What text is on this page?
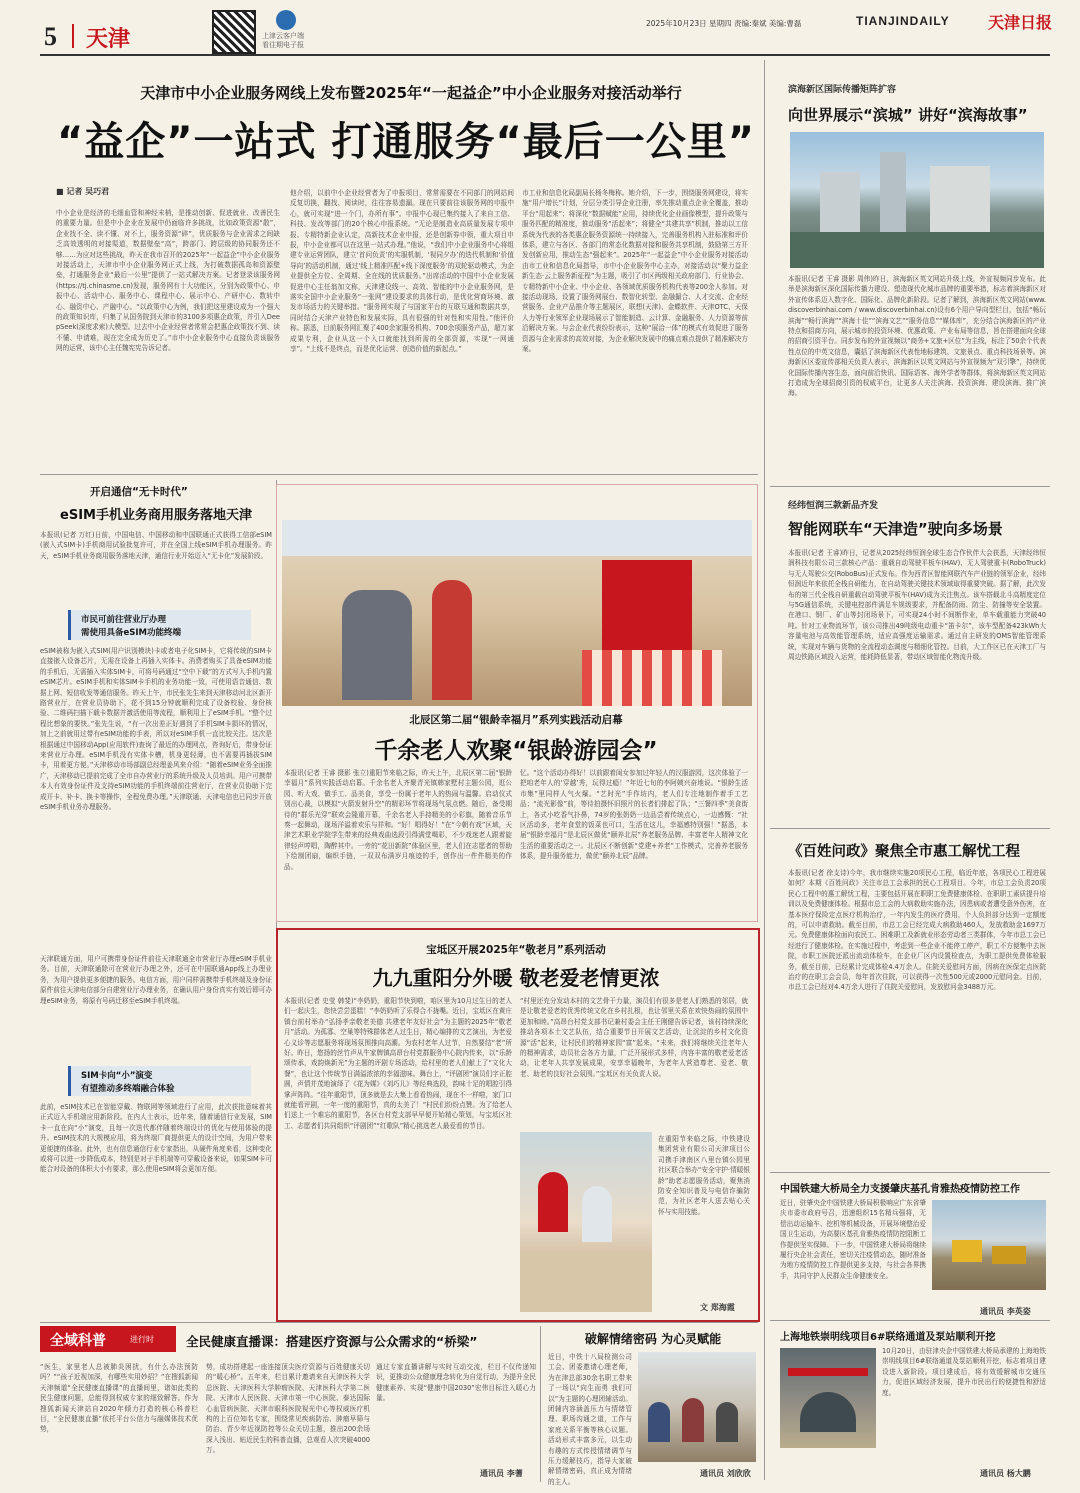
5 天津	上津云客户端
看往期电子报
2025年10月23日 星期四 责编:秦斌 美编:曹磊	TIANJINDAILY 天津日报
天津市中小企业服务网线上发布暨2025年“一起益企”中小企业服务对接活动举行
“益企”一站式 打通服务“最后一公里”
■ 记者 吴巧君
中小企业是经济的毛细血管和神经末梢，是推动创新、促进就业、改善民生的重要力量。但是中小企业在发展中仍面临许多挑战，比如政策资源“散”，企业找不全、读不懂、对不上，服务资源“碎”，优质服务与企业需求之间缺乏高效透明的对接渠道，数据壁垒“高”，跨部门、跨层级的协同服务还不够……为应对这些挑战，昨天在我市召开的2025年“一起益企”中小企业服务对接活动上，天津市中小企业服务网正式上线，为打破数据孤岛和资源壁垒，打通服务企业“最后一公里”提供了一站式解决方案。记者登录该服务网(https://tj.chinasme.cn)发现，服务网有十大功能区，分别为政策中心、申报中心、活动中心、服务中心、课程中心、展示中心、产研中心、数转中心、融资中心、产融中心。“以政策中心为例，我们把这里建设成为一个强大的政策知识库，归集了从国务院到天津市的3100多项惠企政策，并引入DeepSeek(深度求索)大模型。过去中小企业经营者常常会把惠企政策找不到、读不懂、申请难，现在完全成为历史了。”市中小企业服务中心直接负责该服务网的运营，该中心主任魏宪宪告诉记者。
他介绍，以前中小企业经营者为了申报项目，常常需要在不同部门的网站间反复切换，翻找、阅读时，往往容易遗漏。现在只要前往该服务网的申报中心，就可实现“进一个门，办所有事”。申报中心现已集约接入了来自工信、科技、发改等部门的20个核心申报系统。“无论是制造业高质量发展专项申报、专精特新企业认定，高新技术企业申报，还是创新券申领，重大项目申报，中小企业都可以在这里一站式办理。”他说，“我们中小企业服务中心将组建专业运营团队，建立‘首问负责’的实服机制，‘视同夕办’的迭代机制和‘价值导向’的活动机制，通过‘线上精准匹配+线下深度服务’的双轮驱动模式，为企业提供全方位、全周期、全在线的优质服务。”出席活动的中国中小企业发展促进中心主任翁加文称，天津建设线一、高效、智能的中小企业服务网，是落实全国中小企业服务“一张网”建设要求的具体行动，是优化营商环境、激发市场活力的关键举措。“服务网实现了与国家平台的互联互通和数据共享，同时结合天津产业特色和发展实际，具有很强的针对性和实用性。”他评价称。据悉，目前服务网汇聚了400余家服务机构、700余项服务产品，超万家成果专利，企业从这一个入口就能找到所需的全部资源，实现“一网通享”。“上线不是终点，而是优化运营、创造价值的新起点。”
市工业和信息化局副局长杨冬梅称。她介绍，下一步，围绕服务网建设，将实施“用户增长”计划，分层分类引导企业注册，率先推动重点企业全覆盖，推动平台“用起来”；将深化“数据赋能”应用，持续优化企业画像模型，提升政策与服务匹配的精准度，推动服务“活起来”；将健全“共建共享”机制，推动以工信系统为代表的各类惠企服务资源统一持续接入，完善服务机构入驻标准和评价体系，建立与各区、各部门的常态化数据对接和服务共享机制，鼓励第三方开发创新应用，推动生态“强起来”。2025年“一起益企”中小企业服务对接活动由市工业和信息化局指导，市中小企业服务中心主办，对接活动以“聚力益企新生态·云上服务新征程”为主题，吸引了市区两级相关政府部门、行业协会、专精特新中小企业、中小企业、各领域优质服务机构代表等200余人参加。对接活动现场，设置了服务网展台、数智化转型、金融撮合、人才交流、企业经营服务、企业产品推介等主题展区，联想(天津)、金蝶软件、天津OTC、天保人力等行业领军企业现场展示了智能制造、云计算、金融服务、人力资源等前沿解决方案。与会企业代表纷纷表示，这种“展洽一体”的模式有效促进了服务资源与企业需求的高效对接，为企业解决发展中的痛点难点提供了精准解决方案。
滨海新区国际传播矩阵扩容
向世界展示“滨城” 讲好“滨海故事”
本报讯(记者 王睿 摄影 周伟)昨日，滨海新区英文网站升级上线，外宣视频同步发布。此举是滨海新区深化国际传播力建设、塑造现代化城市品牌的重要举措，标志着滨海新区对外宣传体系迈入数字化、国际化、品牌化新阶段。记者了解到，滨海新区英文网站(www.discoverbinhai.com / www.discoverbinhai.cn)设有6个用户导向型栏目，包括“畅玩滨海”“畅行滨海”“滨海十佳”“滨海文艺”“服务信息”“媒体库”，充分结合滨海新区的产业特点和招商方向，展示城市的投资环境、优惠政策、产业布局等信息，旨在搭建面向全球的招商引资平台。同步发布的外宣视频以“商务+文旅+区位”为主线，标注了50余个代表性点位的中英文信息，囊括了滨海新区代表性地标建筑、文旅景点、重点科技场景等。滨海新区区委宣传部相关负责人表示，滨海新区以英文网站与外宣视频为“双引擎”，持续优化国际传播内容生态，面向前沿快讯、国际语客、海外学者等群体，将滨海新区英文网站打造成为全球招商引资的权威平台，让更多人关注滨海、投资滨海、建设滨海、推广滨海。
经纬恒润三款新品齐发
智能网联车“天津造”驶向多场景
本报讯(记者 王睿)昨日，记者从2025经纬恒润全球生态合作伙伴大会获悉，天津经纬恒润科技有限公司三款核心产品：重载自动驾驶平板车(HAV)、无人驾驶重卡(RoboTruck)与无人驾驶公交(RoboBus)正式发布。作为西青区智能网联汽车产业链的领军企业，经纬恒润近年来依托全栈自研能力，在自动驾驶关键技术领域取得重要突破。据了解，此次发布的第三代全栈自研重载自动驾驶平板车(HAV)成为关注焦点。该车搭载北斗高精度定位与5G通信系统，关键电控部件满足车规级要求，并配备防雨、防尘、防撞等安全装置。在港口、钢厂、矿山等封闭场景下，可实现24小时不间断作业，单车载重能力突破40吨。针对工业物流环节，该公司推出49吨级电动重卡“笛卡尔”，该车型配备423kWh大容量电池与高效能管理系统，适应高强度运输需求。通过自主研发的OMS智能管理系统，实现对车辆与货物的全流程动态调度与精细化管控。目前，大工作区已在天津工厂与周边铁路区域投入运营，能耗降低显著，带动区域智能化物流升级。
《百姓问政》聚焦全市惠工解忧工程
本报讯(记者 徐支诗)今年，我市继续实施20项民心工程，临近年底，各项民心工程进展如何？本期《百姓问政》关注市总工会承担的民心工程项目。今年，市总工会负责20项民心工程中的惠工解忧工程，主要包括开展在职职工免费健康体检、在职职工素质提升培训以及免费健康体检。根据市总工会的大病救助实施办法，因患病或者遭受意外伤害，在基本医疗保险定点医疗机构治疗，一年内发生的医疗费用，个人负担部分达到一定额度的，可以申请救助。截至目前，市总工会已经完成大病救助460人，发放救助金1697万元。免费健康体检面向农民工、困难职工及新就业形态劳动者三类群体，今年市总工会已经进行了健康体检。在实施过程中，考虑到一些企业不能停工停产，职工不方便集中去医院，市职工医院还派出流动体检车，在企业厂区内设置检查点，为职工提供免费体检服务，截至目前，已经累计完成体检4.4万余人。住院关爱慰问方面，因病在医保定点医院治疗的在职工会会员，每年首次住院，可以获得一次性500元或2000元慰问金。目前，市总工会已经对4.4万余人进行了住院关爱慰问，发放慰问金3488万元。
中国铁建大桥局全力支援肇庆基孔肯雅热疫情防控工作
近日，驻肇央企中国铁建大桥局积极响应广东省肇庆市委市政府号召，迅速组织15名精兵强将，无偿出动运输车、挖机等机械设备，开展环境整治爱国卫生运动，为高要区基孔肯雅热疫情防控阻断工作提供坚实保障。下一步，中国铁建大桥局将继续履行央企社会责任，密切关注疫情动态，随时准备为地方疫情防控工作提供更多支持，与社会各界携手，共同守护人民群众生命健康安全。
通讯员 李英姿
上海地铁崇明线项目6#联络通道及泵站顺利开挖
10月20日，由驻津央企中国铁建大桥局承建的上海地铁崇明线项目6#联络通道及泵站顺利开挖，标志着项目建设进入新阶段。项目建成后，将有效缓解城市交通压力，促进区域经济发展，提升市民出行的便捷性和舒适度。
通讯员 杨大鹏
开启通信“无卡时代”
eSIM手机业务商用服务落地天津
本报讯(记者 万红)日前，中国电信、中国移动和中国联通正式获得工信部eSIM(嵌入式SIM卡)手机商用试验批复许可，并在全国上线eSIM手机办理服务。昨天，eSIM手机业务商用服务落地天津，通信行业开始迈入“无卡化”发展阶段。
市民可前往营业厅办理
需使用具备eSIM功能终端
eSIM被称为嵌入式SIM(用户识别模块)卡或者电子化SIM卡，它将传统的SIM卡直接嵌入设备芯片，无需在设备上再插入实体卡。消费者购买了具备eSIM功能的手机后，无需插入实体SIM卡，可将号码通过“空中下载”的方式写入手机内置eSIM芯片。eSIM手机和实体SIM卡手机的业务功能一致，可使用语音通信、数据上网、短信收发等通信服务。昨天上午，市民张先生来到天津移动河北区新开路营业厅，在营业员协助下，花不到15分钟就顺利完成了设备校验、身份核验、二维码扫描下载卡数据并激活使用等流程，顺利用上了eSIM手机。“整个过程比想象的要快。”张先生说，“有一次出差正好遇到了手机SIM卡损坏的情况，加上之前就用过带有eSIM功能的手表，所以对eSIM手机一直比较关注。这次是根据通过中国移动App(应用软件)查询了最近的办理网点，咨询好后，带身份证来营业厅办理。eSIM手机没有实体卡槽，机身更轻薄，也不需要再插拔SIM卡，用着更方便。”天津移动市场部副总经理姜风来介绍：“随着eSIM业务全面推广，天津移动已提前完成了全市自办营业厅的系统升级及人员培训。用户可携带本人有效身份证件及支持eSIM功能的手机终端前往营业厅，在营业员协助下完成开卡、补卡、换卡等操作，全程免费办理。”天津联通、天津电信也已同步开放eSIM手机业务办理服务。
天津联通方面，用户可携带身份证件前往天津联通全市营业厅办理eSIM手机业务。目前，天津联通除可在营业厅办理之外，还可在中国联通App线上办理业务，为用户提供更多便捷的服务。电信方面，用户同样需携带手机终端及身份证原件前往天津电信部分自建营业厅办理业务，在确认用户身份真实有效后即可办理eSIM业务，将原有号码迁移至eSIM手机终端。
SIM卡向“小”演变
有望推动多终端融合体验
此前，eSIM技术已在智能穿戴、物联网等领域进行了应用，此次获批意味着其正式迈入手机端应用新阶段。在内人士表示，近年来，随着通信行业发展，SIM卡一直在向“小”演变，且每一次迭代都伴随着终端设计的优化与使用体验的提升。eSIM技术的大规模应用，将为终端厂商提供更大的设计空间，为用户带来更便捷的体验。此外，也有信息通信行业专家指出，从硬件角度来看，这种变化或将可以进一步降低成本，特别是对于手机端等可穿戴设备来说，如果SIM卡可能合对设备的体积大小有要求，那么使用eSIM将会更加方便。
北辰区第二届“银龄幸福月”系列实践活动启幕
千余老人欢聚“银龄游园会”
本报讯(记者 王睿 摄影 张立)重阳节来临之际，昨天上午，北辰区第二届“银龄幸福月”系列实践活动启幕。千余名老人齐聚青光镇韩家墅村主题公园，逛公园、听大戏、做手工、品美食，享受一份属于老年人的热闹与温馨。启动仪式别出心裁，以模拟“火箭发射升空”的精彩环节将现场气氛点燃。随后，备受期待的“群乐光穿”联欢会隆重开幕，千余名老人手持精美的小彩旗，随着音乐节奏一起舞动，现场洋溢着欢乐与祥和。“好！唱得好！”在“今朝有戏”区域，天津艺术职业学院学生带来的经典戏曲选段引得满堂喝彩，不少戏迷老人跟着旋律轻声哼唱，陶醉其中。一旁的“花田新院”体验区里，老人们在志愿者的帮助下绘制团扇，编织手链，一双双布满岁月痕迹的手，创作出一件件精美的作品。
忆。“这个活动办得好！以前跟着闺女参加过年轻人的汉服游园，这次体验了一把咱老年人的‘穿越’秀，玩得过瘾！”年近七旬的李阿姨兴奋地说。“银龄生活市集”里同样人气火爆。“艺时光”手作坊内，老人们专注地制作着手工艺品；“流光影像”前，等待拍摄怀旧照片的长者们排起了队；“三餐四季”美食街上，各式小吃香气扑鼻，74岁的张奶奶一边品尝着传统点心，一边感慨：“社区活动多，老年食堂的饭菜也可口，生活在这儿，幸福感特别强！”据悉，本届“银龄幸福月”是北辰区做优“颐养北辰”养老服务品牌、丰富老年人精神文化生活的重要活动之一。北辰区不断创新“党建+养老”工作模式，完善养老服务体系，提升服务能力，做优“颐养北辰”品牌。
宝坻区开展2025年“敬老月”系列活动
九九重阳分外暖 敬老爱老情更浓
本报讯(记者 史莹 韩斐)“李奶奶，重阳节快到啦，咱区里为10月过生日的老人们一起庆生，您快尝尝蛋糕！”李奶奶听了乐得合不拢嘴。近日，宝坻区在黄庄镇台前村举办“弘扬孝亲敬老美德 共建老年友好社会”为主题的2025年“敬老月”活动。为孤寡、空巢等特殊群体老人过生日，精心编排的文艺演出，为老爱心义诊等志愿服务将现场氛围推向高潮。为农村老年人过节，自然要结“老”所好。昨日，悠扬的丝竹声从牛家牌镇高昂台村党群服务中心院内传来，以“乐龄颂传承，戏韵焕新光”为主题的评剧专场活动，给村里的老人们献上了“文化大餐”，也让这个传统节日满溢浓浓的幸福滋味。舞台上，“评剧团”演员们字正腔圆，声情并茂地演绎了《花为媒》《刘巧儿》等经典选段，韵味十足的唱腔引得掌声阵阵。“往年重阳节，顶多就是去大集上看看热闹，现在不一样啦，家门口就能看评剧，一年一度的重阳节，真的太美了！”村民们纷纷点赞。为了给老人们送上一个难忘的重阳节，各区台村党支部早早便开始精心策划，与宝坻区社工、志愿者们共同组织“评剧团”“红歌队”精心挑选老人最爱看的节目。
“村里还充分发动本村的文艺骨干力量，演员们有很多是老人们熟悉的邻居，就是让敬老爱老的优秀传统文化在乡村扎根，也让邻里关系在欢快热闹的氛围中更加和睦。”高昂台村党支部书记兼村委会主任王刚健告诉记者，该村持续深化推动各项本土文艺队伍，结合重要节日开展文艺活动，让沉淀的乡村文化资源“活”起来，让村民们的精神家园“富”起来。“未来，我们将继续关注老年人的精神需求，动员社会各方力量，广泛开展形式多样，内容丰富的敬老爱老活动，让老年人共享发展成果，安享幸福晚年，为老年人营造尊老、爱老、敬老、助老的良好社会氛围。”宝坻区有关负责人说。
在重阳节来临之际，中铁建设集团营业有限公司天津项目公司携手津南区八里台镇公园里社区联合举办“安全守护·情暖银龄”助老志愿服务活动，聚焦消防安全知识普及与电信诈骗防范，为社区老年人送去贴心关怀与实用技能。
文 郑海霞
全域科普	进行时	全民健康直播课：搭建医疗资源与公众需求的“桥梁”
“医生，家里老人总被肺炎困扰，有什么办法预防吗？”“孩子近视加深，有哪些实用妙招？”在搜狐新闻天津频道“全民健康直播课”的直播间里，诸如此类的民生健康问题，总能得到权威专家的细致解答。作为搜狐新闻天津站自2020年倾力打造的核心科普栏目，“全民健康直播”依托平台公信力与融媒体技术优势，
势，成功搭建起一座连接顶尖医疗资源与百姓健康关切的“暖心桥”。五年来，栏目累计邀请来自天津医科大学总医院、天津医科大学肿瘤医院、天津医科大学第二医院、天津市人民医院、天津市第一中心医院、泰达国际心血管病医院、天津市眼科医院视光中心等权威医疗机构的上百位知名专家，围绕常见疾病防治、肿瘤早筛与防治、青少年近视防控等公众关切主题，推出200余场深入浅出、贴近民生的科普直播，总观看人次突破4000万。
通过专家直播讲解与实时互动交流，栏目不仅传递知识，更推动公众健康理念转化为自觉行动，为提升全民健康素养、实现“健康中国2030”宏伟目标注入暖心力量。
通讯员 李蓍
破解情绪密码 为心灵赋能
近日，中铁十八局检测公司工会、团委邀请心理老师，为在津总部30余名职工带来了一场以“向生而勇 我们可以”为主题的心理团辅活动。团辅内容涵盖压力与情绪管理、职场沟通之道，工作与家庭关系平衡等核心议题。活动形式丰富多元，以生动有趣的方式传授情绪调节与压力缓解技巧，指导大家破解情绪密码，真正成为情绪的主人。
通讯员 刘欣欣
